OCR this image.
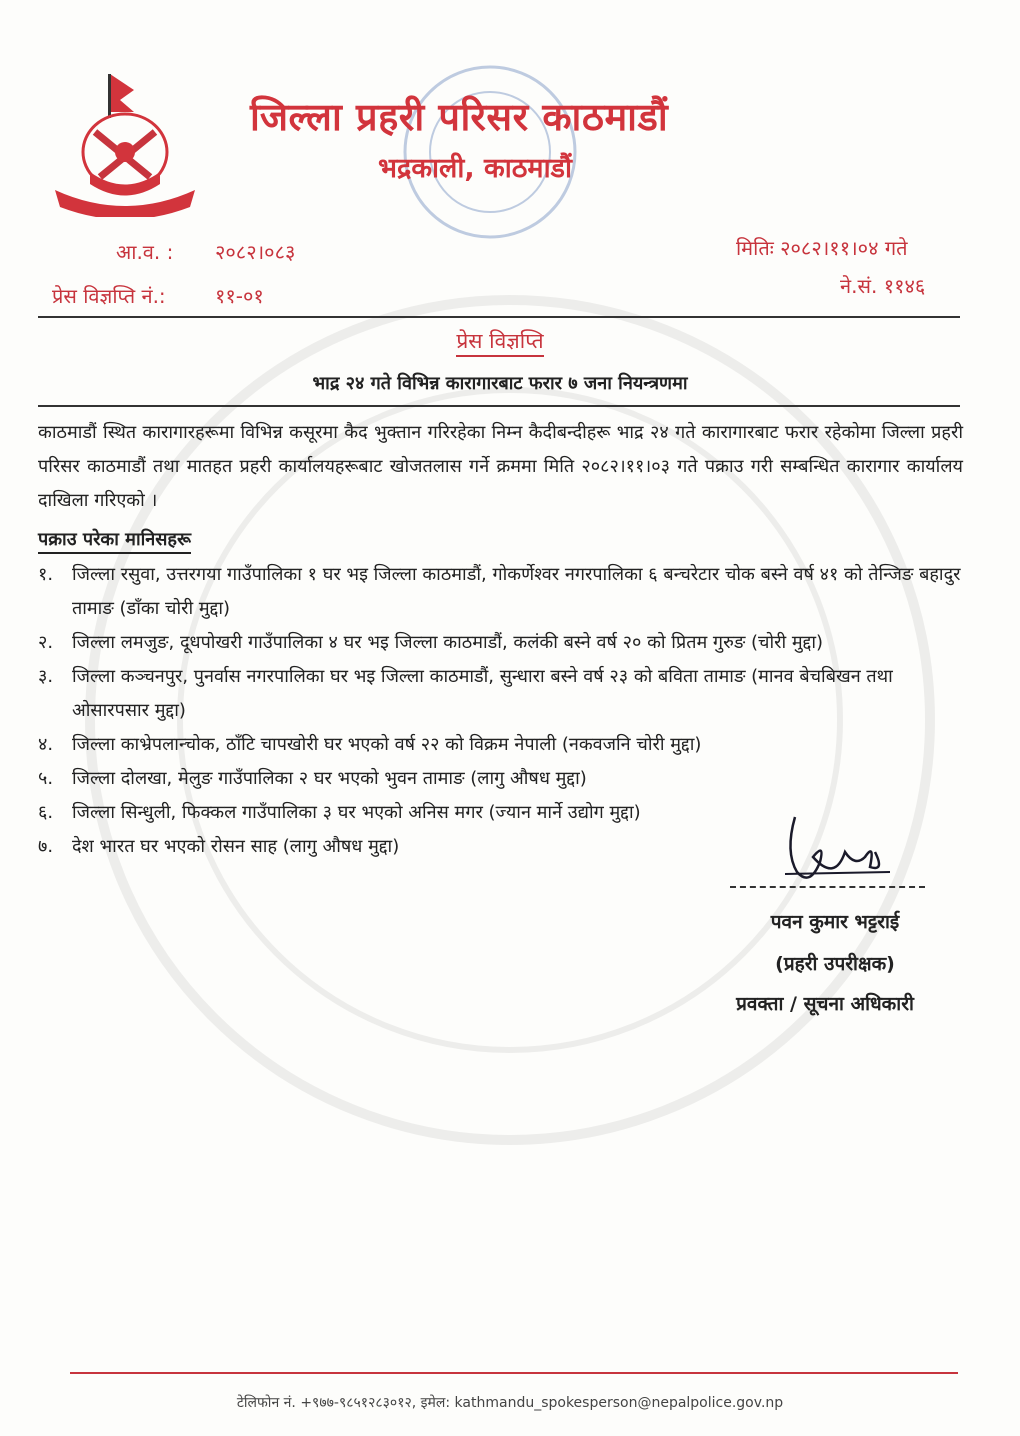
जिल्ला प्रहरी परिसर काठमाडौं
भद्रकाली, काठमाडौं
आ.व. : २०८२।०८३
प्रेस विज्ञप्ति नं.: ११-०१
मितिः २०८२।११।०४ गते
ने.सं. ११४६
प्रेस विज्ञप्ति
भाद्र २४ गते विभिन्न कारागारबाट फरार ७ जना नियन्त्रणमा
काठमाडौं स्थित कारागारहरूमा विभिन्न कसूरमा कैद भुक्तान गरिरहेका निम्न कैदीबन्दीहरू भाद्र २४ गते कारागारबाट फरार रहेकोमा जिल्ला प्रहरी परिसर काठमाडौं तथा मातहत प्रहरी कार्यालयहरूबाट खोजतलास गर्ने क्रममा मिति २०८२।११।०३ गते पक्राउ गरी सम्बन्धित कारागार कार्यालय दाखिला गरिएको ।
पक्राउ परेका मानिसहरू
१.	जिल्ला रसुवा, उत्तरगया गाउँपालिका १ घर भइ जिल्ला काठमाडौं, गोकर्णेश्वर नगरपालिका ६ बन्चरेटार चोक बस्ने वर्ष ४१ को तेन्जिङ बहादुर तामाङ (डाँका चोरी मुद्दा)
२.	जिल्ला लमजुङ, दूधपोखरी गाउँपालिका ४ घर भइ जिल्ला काठमाडौं, कलंकी बस्ने वर्ष २० को प्रितम गुरुङ (चोरी मुद्दा)
३.	जिल्ला कञ्चनपुर, पुनर्वास नगरपालिका घर भइ जिल्ला काठमाडौं, सुन्धारा बस्ने वर्ष २३ को बविता तामाङ (मानव बेचबिखन तथा ओसारपसार मुद्दा)
४.	जिल्ला काभ्रेपलान्चोक, ठाँटि चापखोरी घर भएको वर्ष २२ को विक्रम नेपाली (नकवजनि चोरी मुद्दा)
५.	जिल्ला दोलखा, मेलुङ गाउँपालिका २ घर भएको भुवन तामाङ (लागु औषध मुद्दा)
६.	जिल्ला सिन्धुली, फिक्कल गाउँपालिका ३ घर भएको अनिस मगर (ज्यान मार्ने उद्योग मुद्दा)
७.	देश भारत घर भएको रोसन साह (लागु औषध मुद्दा)
पवन कुमार भट्टराई
(प्रहरी उपरीक्षक)
प्रवक्ता / सूचना अधिकारी
टेलिफोन नं. +९७७-९८५१२८३०१२, इमेल: kathmandu_spokesperson@nepalpolice.gov.np
